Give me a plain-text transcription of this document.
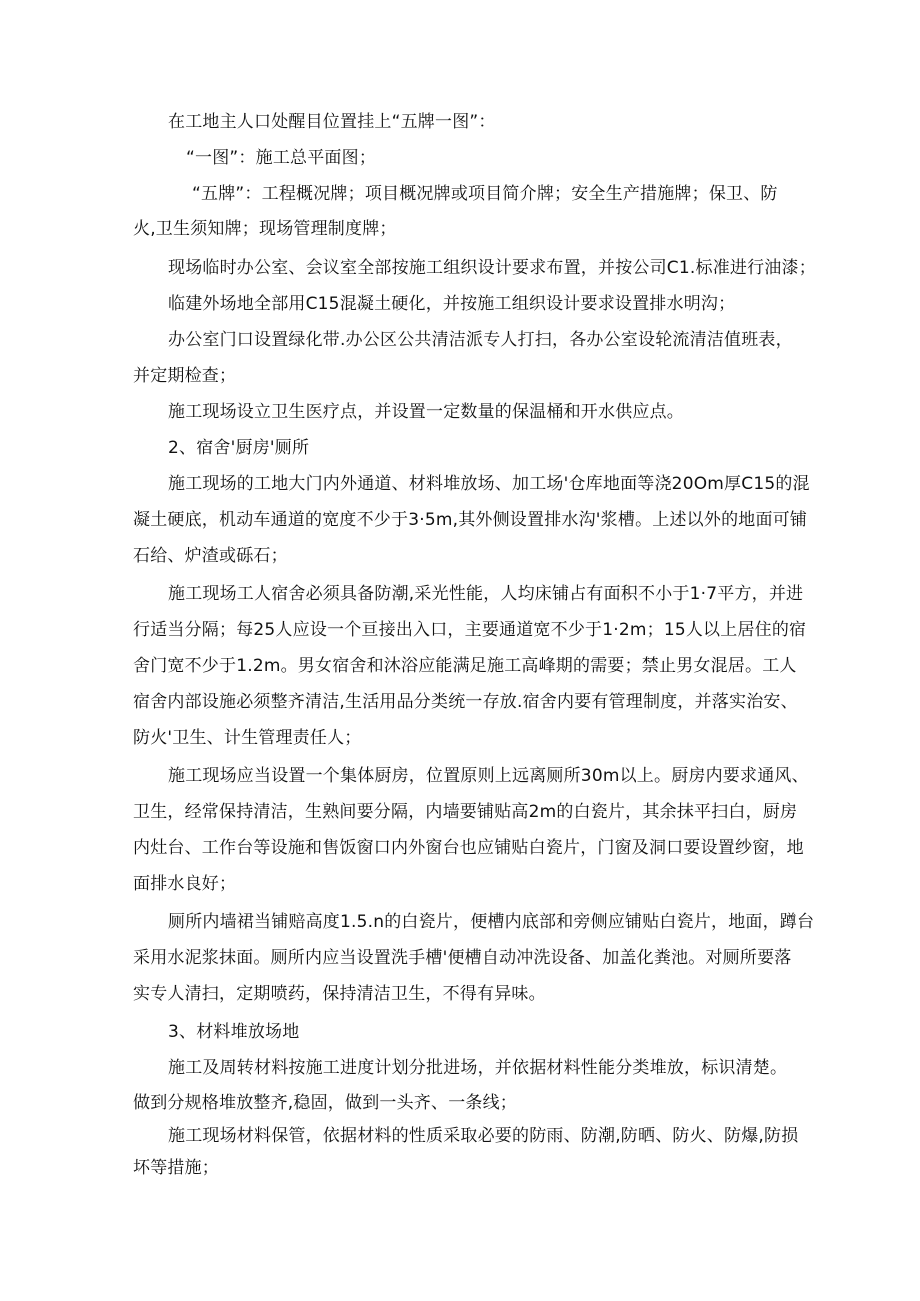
在工地主人口处醒目位置挂上“五牌一图”：
“一图”：施工总平面图；
“五牌”：工程概况牌；项目概况牌或项目简介牌；安全生产措施牌；保卫、防
火,卫生须知牌；现场管理制度牌；
现场临时办公室、会议室全部按施工组织设计要求布置，并按公司C1.标准进行油漆；
临建外场地全部用C15混凝土硬化，并按施工组织设计要求设置排水明沟；
办公室门口设置绿化带.办公区公共清洁派专人打扫，各办公室设轮流清洁值班表，
并定期检查；
施工现场设立卫生医疗点，并设置一定数量的保温桶和开水供应点。
2、宿舍'厨房'厕所
施工现场的工地大门内外通道、材料堆放场、加工场'仓库地面等浇20Om厚C15的混
凝土硬底，机动车通道的宽度不少于3·5m,其外侧设置排水沟'浆槽。上述以外的地面可铺
石给、炉渣或砾石；
施工现场工人宿舍必须具备防潮,采光性能，人均床铺占有面积不小于1·7平方，并进
行适当分隔；每25人应设一个亘接出入口，主要通道宽不少于1·2m；15人以上居住的宿
舍门宽不少于1.2m。男女宿舍和沐浴应能满足施工高峰期的需要；禁止男女混居。工人
宿舍内部设施必须整齐清洁,生活用品分类统一存放.宿舍内要有管理制度，并落实治安、
防火'卫生、计生管理责任人；
施工现场应当设置一个集体厨房，位置原则上远离厕所30m以上。厨房内要求通风、
卫生，经常保持清洁，生熟间要分隔，内墙要铺贴高2m的白瓷片，其余抹平扫白，厨房
内灶台、工作台等设施和售饭窗口内外窗台也应铺贴白瓷片，门窗及洞口要设置纱窗，地
面排水良好；
厕所内墙裙当铺赔高度1.5.n的白瓷片，便槽内底部和旁侧应铺贴白瓷片，地面，蹲台
采用水泥浆抹面。厕所内应当设置洗手槽'便槽自动冲洗设备、加盖化粪池。对厕所要落
实专人清扫，定期喷药，保持清洁卫生，不得有异味。
3、材料堆放场地
施工及周转材料按施工进度计划分批进场，并依据材料性能分类堆放，标识清楚。
做到分规格堆放整齐,稳固，做到一头齐、一条线；
施工现场材料保管，依据材料的性质采取必要的防雨、防潮,防晒、防火、防爆,防损
坏等措施；
